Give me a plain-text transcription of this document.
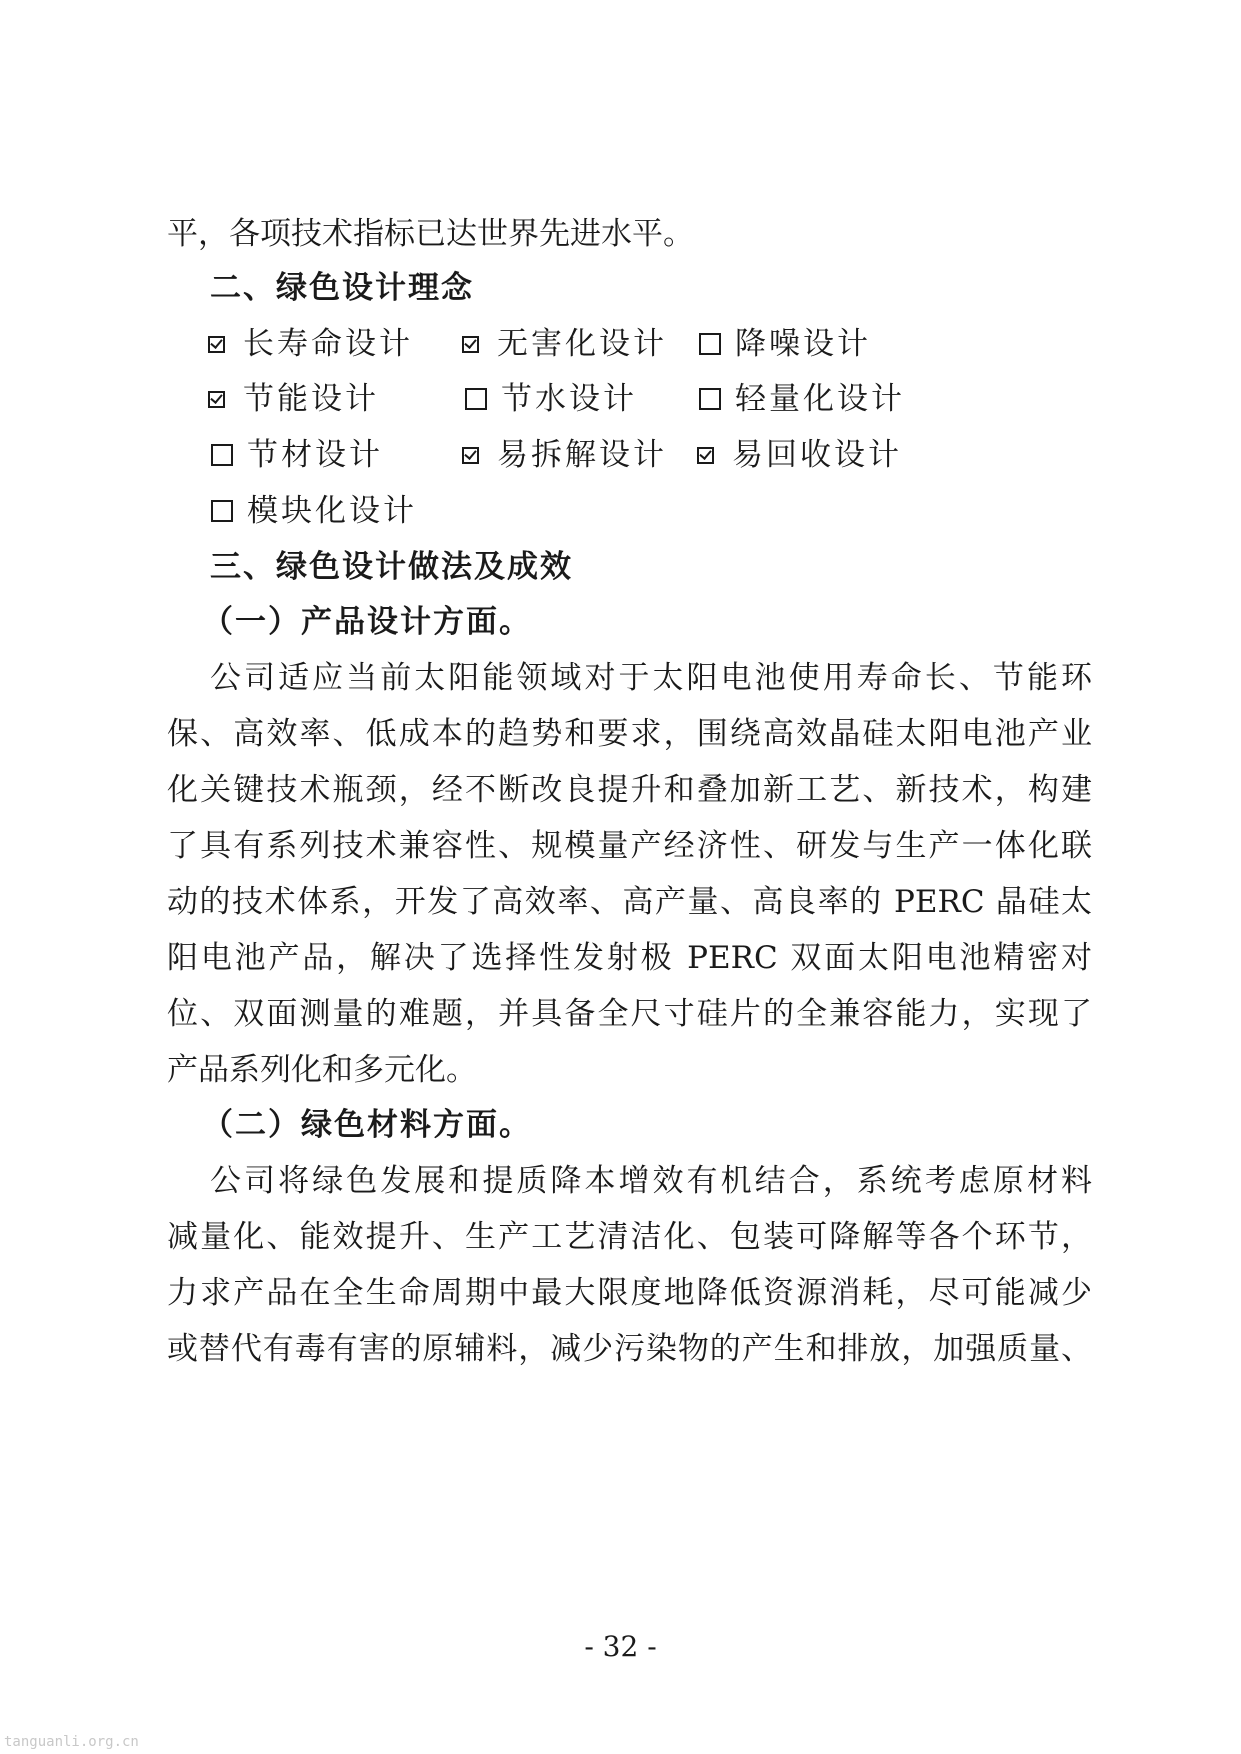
平，各项技术指标已达世界先进水平。
二、绿色设计理念
长寿命设计	无害化设计 降噪设计
节能设计	节水设计	轻量化设计
节材设计	易拆解设计 易回收设计
模块化设计
三、绿色设计做法及成效
（一）产品设计方面。
公司适应当前太阳能领域对于太阳电池使用寿命长、节能环
保、高效率、低成本的趋势和要求，围绕高效晶硅太阳电池产业
化关键技术瓶颈，经不断改良提升和叠加新工艺、新技术，构建
了具有系列技术兼容性、规模量产经济性、研发与生产一体化联
动的技术体系，开发了高效率、高产量、高良率的 PERC 晶硅太
阳电池产品，解决了选择性发射极 PERC 双面太阳电池精密对
位、双面测量的难题，并具备全尺寸硅片的全兼容能力，实现了
产品系列化和多元化。
（二）绿色材料方面。
公司将绿色发展和提质降本增效有机结合，系统考虑原材料
减量化、能效提升、生产工艺清洁化、包装可降解等各个环节，
力求产品在全生命周期中最大限度地降低资源消耗，尽可能减少
或替代有毒有害的原辅料，减少污染物的产生和排放，加强质量、
- 32 -
tanguanli.org.cn
